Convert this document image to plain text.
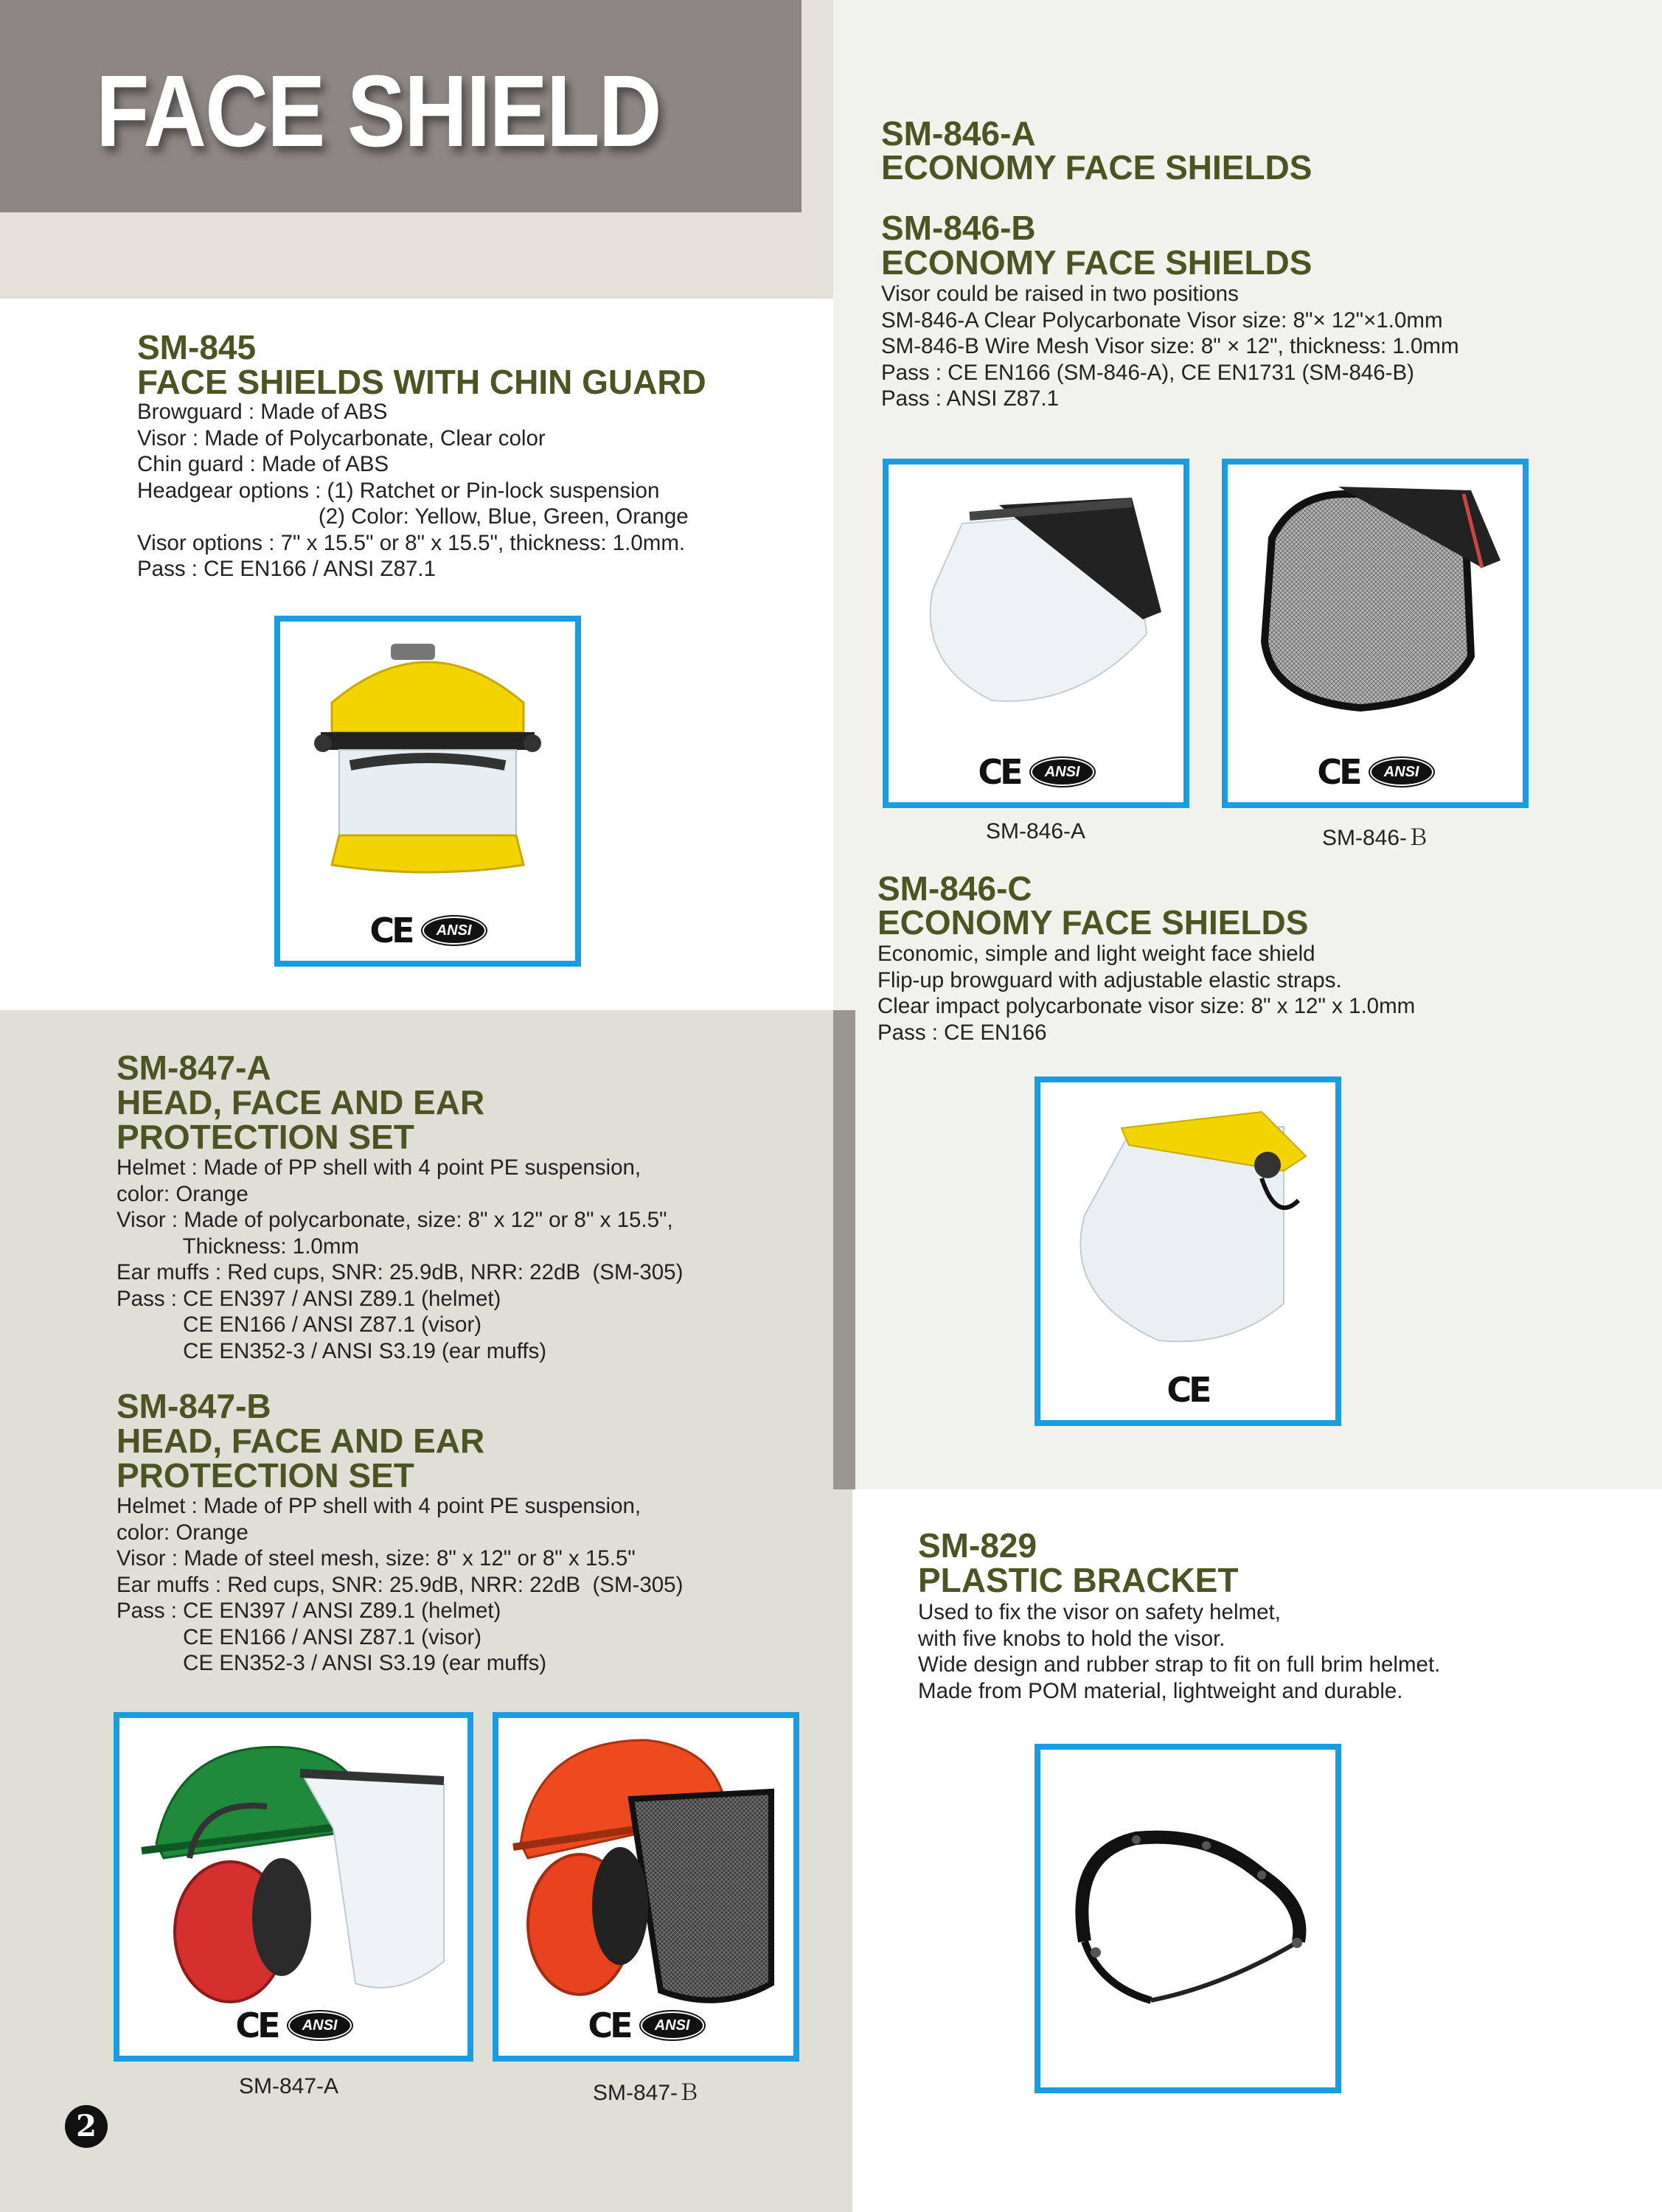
FACE SHIELD
SM-845
FACE SHIELDS WITH CHIN GUARD
Browguard : Made of ABS
Visor : Made of Polycarbonate, Clear color
Chin guard : Made of ABS
Headgear options : (1) Ratchet or Pin-lock suspension
(2) Color: Yellow, Blue, Green, Orange
Visor options : 7" x 15.5" or 8" x 15.5", thickness: 1.0mm.
Pass : CE EN166 / ANSI Z87.1
CE	ANSI
SM-846-A
ECONOMY FACE SHIELDS
SM-846-B
ECONOMY FACE SHIELDS
Visor could be raised in two positions
SM-846-A Clear Polycarbonate Visor size: 8"× 12"×1.0mm
SM-846-B Wire Mesh Visor size: 8" × 12", thickness: 1.0mm
Pass : CE EN166 (SM-846-A), CE EN1731 (SM-846-B)
Pass : ANSI Z87.1
CE	ANSI	CE	ANSI
SM-846-A	SM-846-Ｂ
SM-846-C
ECONOMY FACE SHIELDS
Economic, simple and light weight face shield
Flip-up browguard with adjustable elastic straps.
Clear impact polycarbonate visor size: 8" x 12" x 1.0mm
Pass : CE EN166
CE
SM-847-A
HEAD, FACE AND EAR
PROTECTION SET
Helmet : Made of PP shell with 4 point PE suspension,
color: Orange
Visor : Made of polycarbonate, size: 8" x 12" or 8" x 15.5",
Thickness: 1.0mm
Ear muffs : Red cups, SNR: 25.9dB, NRR: 22dB  (SM-305)
Pass : CE EN397 / ANSI Z89.1 (helmet)
CE EN166 / ANSI Z87.1 (visor)
CE EN352-3 / ANSI S3.19 (ear muffs)
SM-847-B
HEAD, FACE AND EAR
PROTECTION SET
Helmet : Made of PP shell with 4 point PE suspension,
color: Orange
Visor : Made of steel mesh, size: 8" x 12" or 8" x 15.5"
Ear muffs : Red cups, SNR: 25.9dB, NRR: 22dB  (SM-305)
Pass : CE EN397 / ANSI Z89.1 (helmet)
CE EN166 / ANSI Z87.1 (visor)
CE EN352-3 / ANSI S3.19 (ear muffs)
CE	ANSI	CE	ANSI
SM-847-A	SM-847-Ｂ
SM-829
PLASTIC BRACKET
Used to fix the visor on safety helmet,
with five knobs to hold the visor.
Wide design and rubber strap to fit on full brim helmet.
Made from POM material, lightweight and durable.
2
